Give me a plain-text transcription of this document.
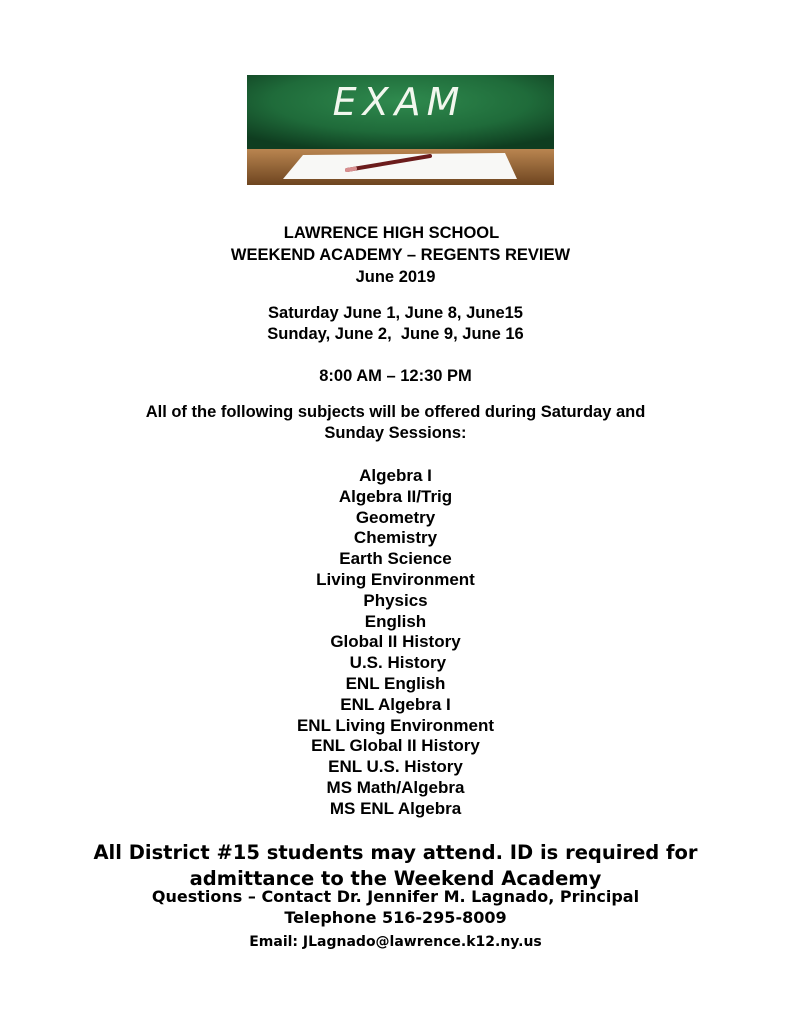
EXAM
LAWRENCE HIGH SCHOOL
WEEKEND ACADEMY – REGENTS REVIEW
June 2019
Saturday June 1, June 8, June15
Sunday, June 2,  June 9, June 16
8:00 AM – 12:30 PM
All of the following subjects will be offered during Saturday and
Sunday Sessions:
Algebra I
Algebra II/Trig
Geometry
Chemistry
Earth Science
Living Environment
Physics
English
Global II History
U.S. History
ENL English
ENL Algebra I
ENL Living Environment
ENL Global II History
ENL U.S. History
MS Math/Algebra
MS ENL Algebra
All District #15 students may attend. ID is required for
admittance to the Weekend Academy
Questions – Contact Dr. Jennifer M. Lagnado, Principal
Telephone 516-295-8009
Email: JLagnado@lawrence.k12.ny.us
